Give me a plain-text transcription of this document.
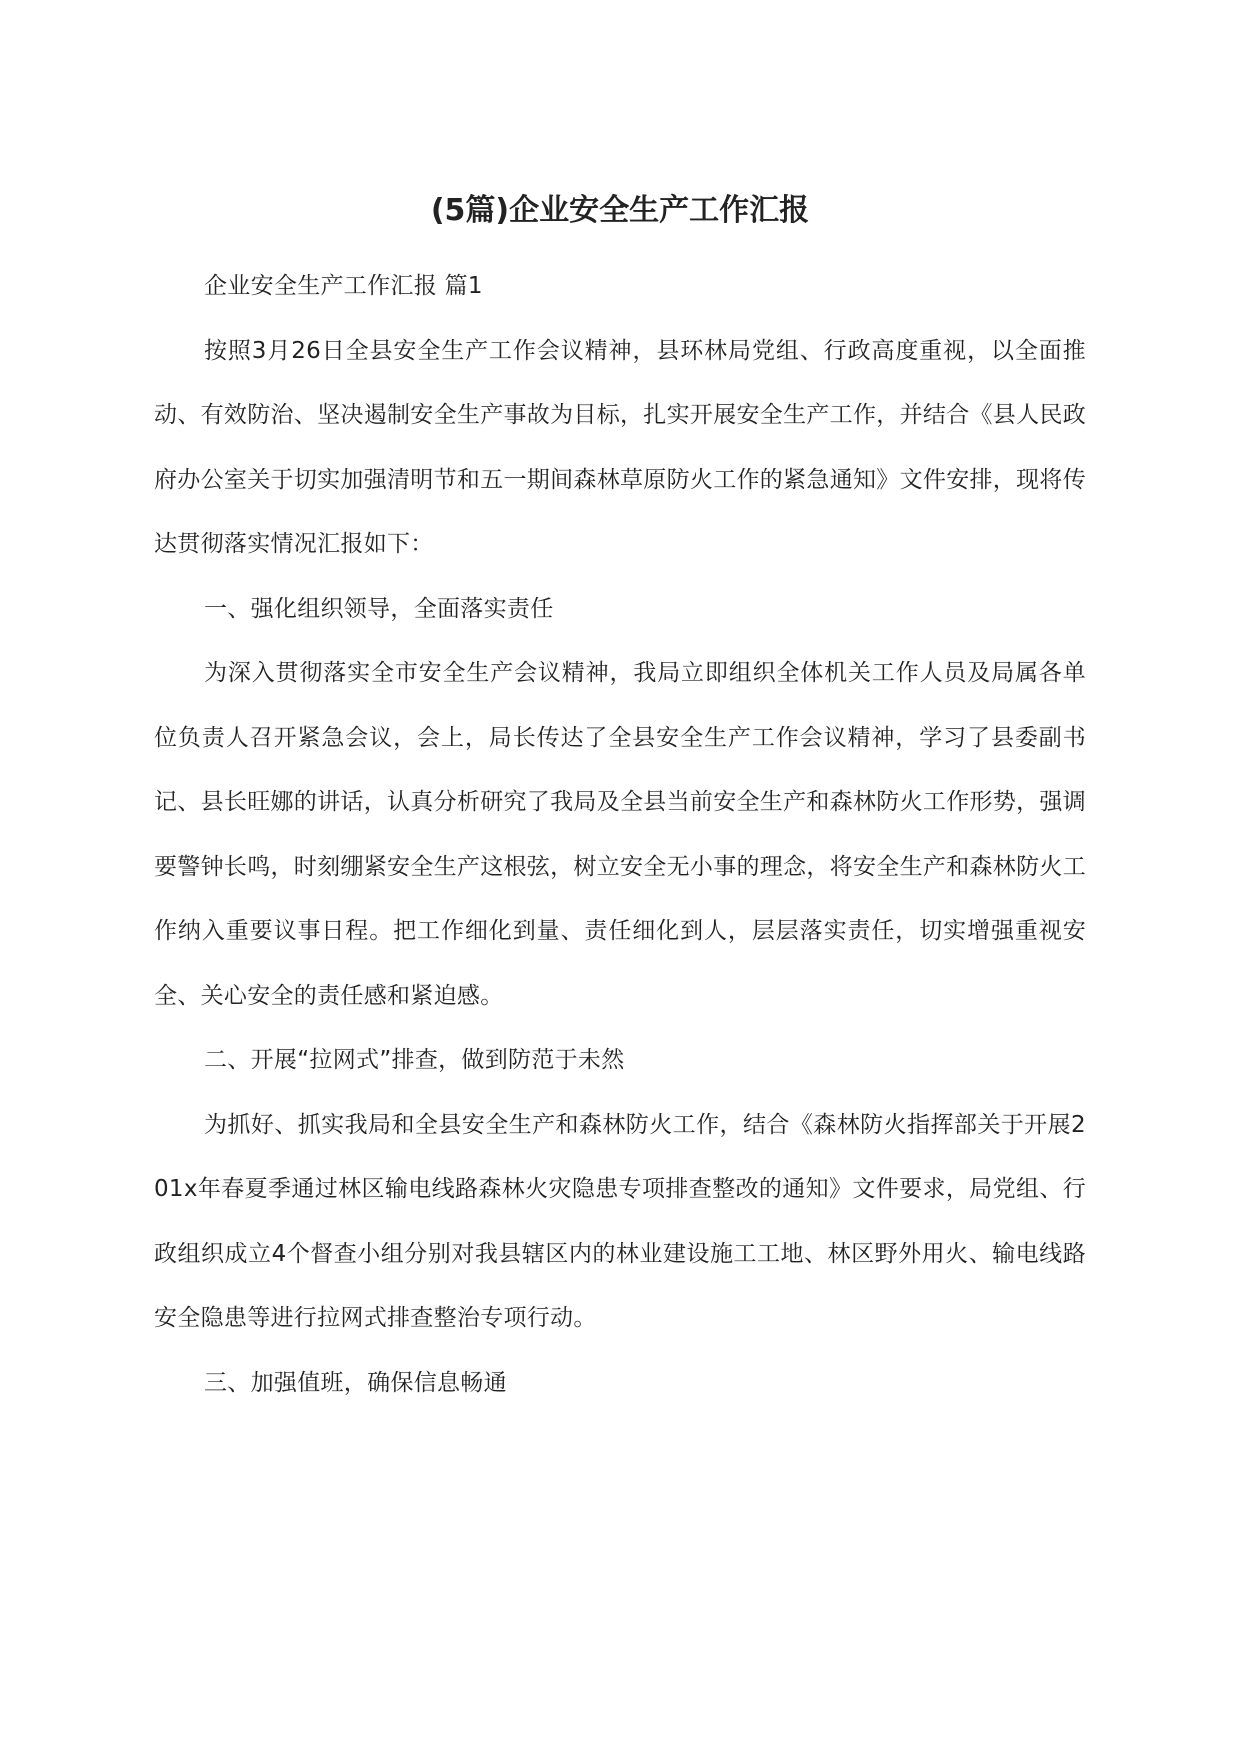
(5篇)企业安全生产工作汇报

企业安全生产工作汇报 篇1

按照3月26日全县安全生产工作会议精神，县环林局党组、行政高度重视，以全面推动、有效防治、坚决遏制安全生产事故为目标，扎实开展安全生产工作，并结合《县人民政府办公室关于切实加强清明节和五一期间森林草原防火工作的紧急通知》文件安排，现将传达贯彻落实情况汇报如下：

一、强化组织领导，全面落实责任

为深入贯彻落实全市安全生产会议精神，我局立即组织全体机关工作人员及局属各单位负责人召开紧急会议，会上，局长传达了全县安全生产工作会议精神，学习了县委副书记、县长旺娜的讲话，认真分析研究了我局及全县当前安全生产和森林防火工作形势，强调要警钟长鸣，时刻绷紧安全生产这根弦，树立安全无小事的理念，将安全生产和森林防火工作纳入重要议事日程。把工作细化到量、责任细化到人，层层落实责任，切实增强重视安全、关心安全的责任感和紧迫感。

二、开展“拉网式”排查，做到防范于未然

为抓好、抓实我局和全县安全生产和森林防火工作，结合《森林防火指挥部关于开展201x年春夏季通过林区输电线路森林火灾隐患专项排查整改的通知》文件要求，局党组、行政组织成立4个督查小组分别对我县辖区内的林业建设施工工地、林区野外用火、输电线路安全隐患等进行拉网式排查整治专项行动。

三、加强值班，确保信息畅通
